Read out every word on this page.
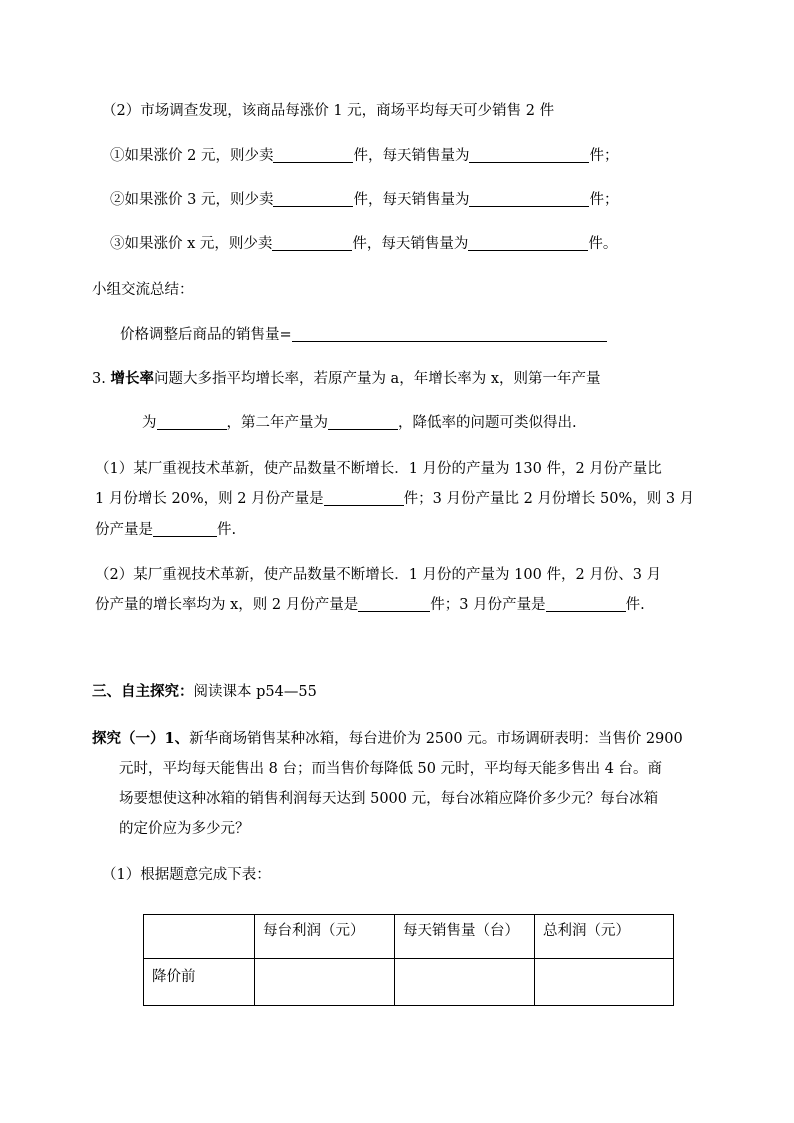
（2）市场调查发现，该商品每涨价 1 元，商场平均每天可少销售 2 件
①如果涨价 2 元，则少卖	件，每天销售量为	件；
②如果涨价 3 元，则少卖	件，每天销售量为	件；
③如果涨价 x 元，则少卖	件，每天销售量为	件。
小组交流总结：
价格调整后商品的销售量=
3. 增长率问题大多指平均增长率，若原产量为 a，年增长率为 x，则第一年产量
为	，第二年产量为	，降低率的问题可类似得出.
（1）某厂重视技术革新，使产品数量不断增长．1 月份的产量为 130 件，2 月份产量比
1 月份增长 20%，则 2 月份产量是	件；3 月份产量比 2 月份增长 50%，则 3 月
份产量是	件.
（2）某厂重视技术革新，使产品数量不断增长．1 月份的产量为 100 件，2 月份、3 月
份产量的增长率均为 x，则 2 月份产量是	件；3 月份产量是	件.
三、自主探究：阅读课本 p54—55
探究（一）1、新华商场销售某种冰箱，每台进价为 2500 元。市场调研表明：当售价 2900
元时，平均每天能售出 8 台；而当售价每降低 50 元时，平均每天能多售出 4 台。商
场要想使这种冰箱的销售利润每天达到 5000 元，每台冰箱应降价多少元？每台冰箱
的定价应为多少元？
（1）根据题意完成下表：
	每台利润（元）	每天销售量（台）	总利润（元）
降价前			
